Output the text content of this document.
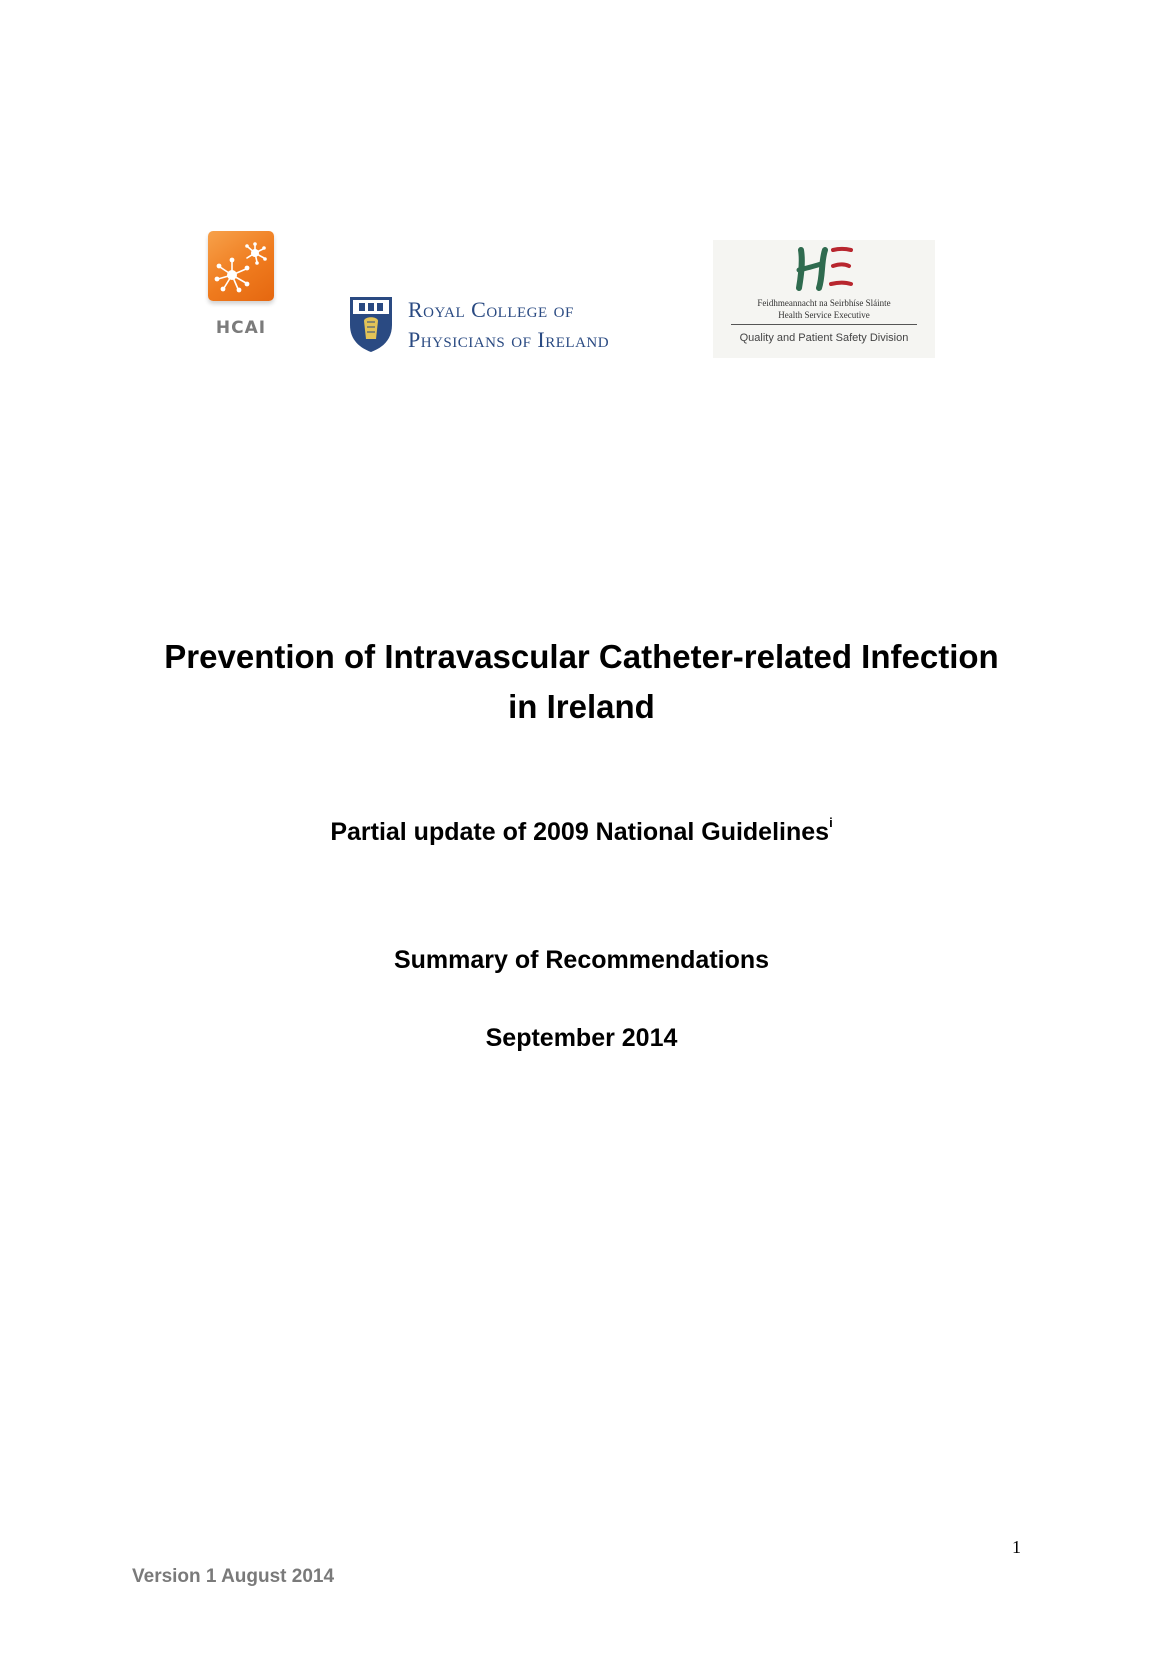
HCAI
Royal College of
Physicians of Ireland
Feidhmeannacht na Seirbhíse Sláinte
Health Service Executive
Quality and Patient Safety Division
Prevention of Intravascular Catheter-related Infection
in Ireland
Partial update of 2009 National Guidelines$^i$
Summary of Recommendations
September 2014
1
Version 1 August 2014
